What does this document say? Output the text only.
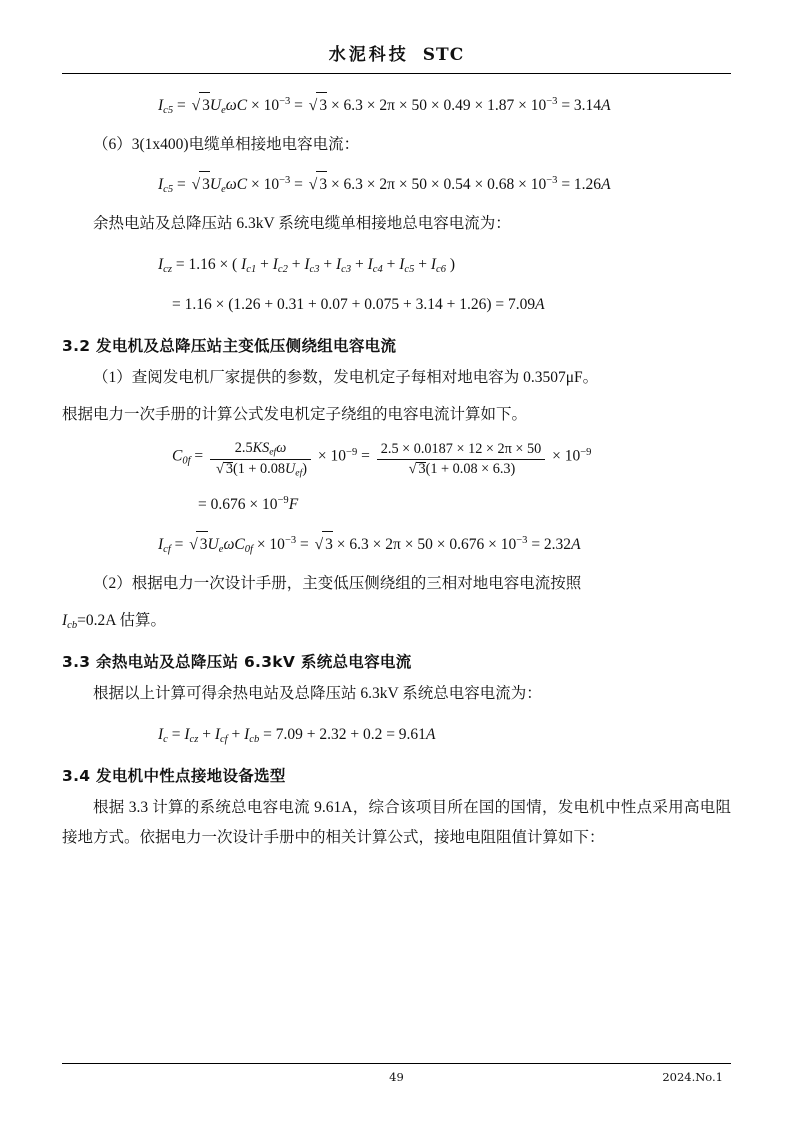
水泥科技 STC
$I_{c5}$ =
√ $3U_e\omega C \times 10^{-3}$ =
√ $3 \times 6.3 \times 2\pi \times 50 \times 0.49 \times 1.87 \times 10^{-3} = 3.14A$
（6）3(1x400)电缆单相接地电容电流：
$I_{c5}$ =
√ $3U_e\omega C \times 10^{-3}$ =
√ $3 \times 6.3 \times 2\pi \times 50 \times 0.54 \times 0.68 \times 10^{-3} = 1.26A$
余热电站及总降压站 6.3kV 系统电缆单相接地总电容电流为：
$I_{cz} = 1.16$ × ( $I_{c1} + I_{c2} + I_{c3} + I_{c3} + I_{c4} + I_{c5} + I_{c6}$ )
= 1.16 × (1.26 + 0.31 + 0.07 + 0.075 + 3.14 + 1.26) = 7.09A
3.2 发电机及总降压站主变低压侧绕组电容电流
（1）查阅发电机厂家提供的参数，发电机定子每相对地电容为 0.3507μF。
根据电力一次手册的计算公式发电机定子绕组的电容电流计算如下。
$C_{0f} = \frac{2.5KS_{ef}\omega}{√ 3(1 + 0.08U_{ef})} \times 10^{-9} = \frac{2.5 \times 0.0187 \times 12 \times 2\pi \times 50}{√ 3(1 + 0.08 \times 6.3)} \times 10^{-9}$
= $0.676 \times 10^{-9}F$
$I_{cf}$ =
√ $3U_e\omega C_{0f} \times 10^{-3}$ =
√ $3 \times 6.3 \times 2\pi \times 50 \times 0.676 \times 10^{-3} = 2.32A$
（2）根据电力一次设计手册，主变低压侧绕组的三相对地电容电流按照
$I_{cb}=0.2A$ 估算。
3.3 余热电站及总降压站 6.3kV 系统总电容电流
根据以上计算可得余热电站及总降压站 6.3kV 系统总电容电流为：
$I_c = I_{cz} + I_{cf} + I_{cb} = 7.09 + 2.32 + 0.2 = 9.61A$
3.4 发电机中性点接地设备选型
根据 3.3 计算的系统总电容电流 9.61A，综合该项目所在国的国情，发电机中性点采用高电阻接地方式。依据电力一次设计手册中的相关计算公式，接地电阻阻值计算如下：
49	2024.No.1
